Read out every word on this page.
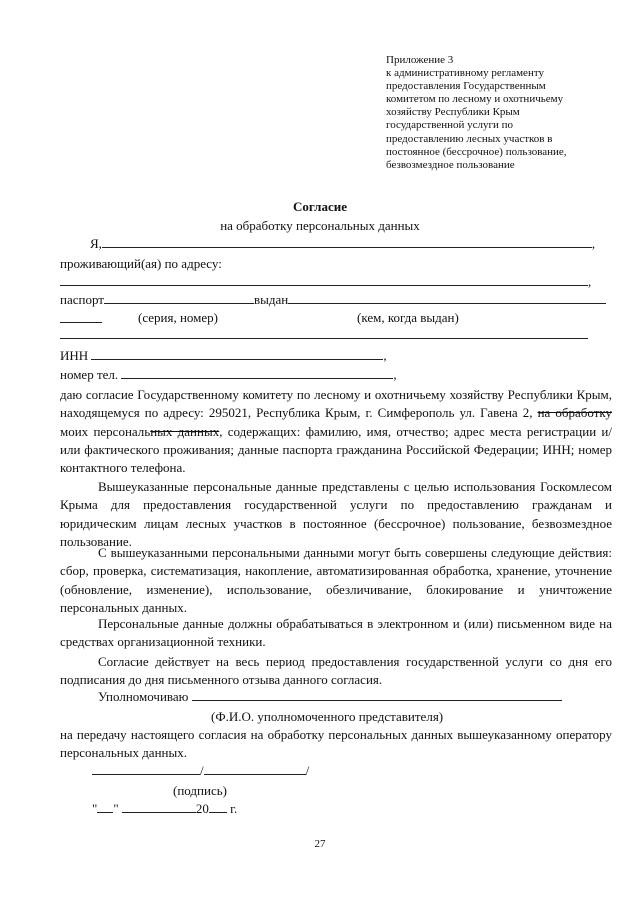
Приложение 3
к административному регламенту
предоставления Государственным
комитетом по лесному и охотничьему
хозяйству Республики Крым
государственной услуги по
предоставлению лесных участков в
постоянное (бессрочное) пользование,
безвозмездное пользование
Согласие
на обработку персональных данных
Я,	,
проживающий(ая) по адресу:
,
паспорт	выдан
(серия, номер)	(кем, когда выдан)
ИНН	,
номер тел.	,
даю согласие Государственному комитету по лесному и охотничьему хозяйству Республики Крым, находящемуся по адресу: 295021, Республика Крым, г. Симферополь ул. Гавена 2, на обработку моих персональных данных, содержащих: фамилию, имя, отчество; адрес места регистрации и/или фактического проживания; данные паспорта гражданина Российской Федерации; ИНН; номер контактного телефона.
Вышеуказанные персональные данные представлены с целью использования Госкомлесом Крыма для предоставления государственной услуги по предоставлению гражданам и юридическим лицам лесных участков в постоянное (бессрочное) пользование, безвозмездное пользование.
С вышеуказанными персональными данными могут быть совершены следующие действия: сбор, проверка, систематизация, накопление, автоматизированная обработка, хранение, уточнение (обновление, изменение), использование, обезличивание, блокирование и уничтожение персональных данных.
Персональные данные должны обрабатываться в электронном и (или) письменном виде на средствах организационной техники.
Согласие действует на весь период предоставления государственной услуги со дня его подписания до дня письменного отзыва данного согласия.
Уполномочиваю
(Ф.И.О. уполномоченного представителя)
на передачу настоящего согласия на обработку персональных данных вышеуказанному оператору персональных данных.
/	/
(подпись)
" "	20 г.
27
